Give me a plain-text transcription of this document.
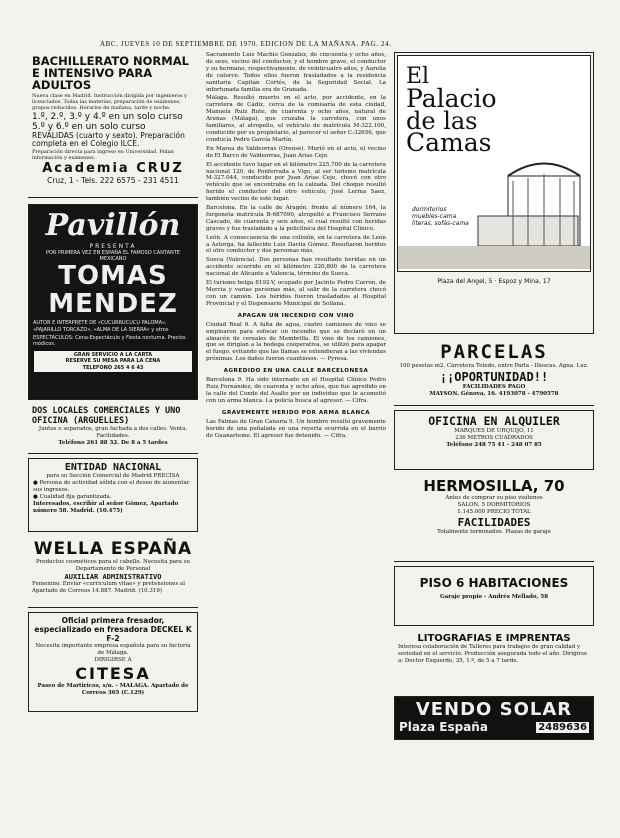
ABC. JUEVES 10 DE SEPTIEMBRE DE 1970. EDICION DE LA MAÑANA. PAG. 24.
BACHILLERATO NORMAL E INTENSIVO PARA ADULTOS
Nueva clase en Madrid. Instrucción dirigida por ingenieros y licenciados. Todas las materias, preparación de exámenes, grupos reducidos. Horarios de mañana, tarde y noche.
1.º, 2.º, 3.º y 4.º en un solo curso
5.º y 6.º en un solo curso
REVALIDAS (cuarto y sexto). Preparación completa en el Colegio ILCE.
Preparación directa para ingreso en Universidad. Pidan información y exámenes.
Academia CRUZ
Cruz, 1 - Tels. 222 6575 - 231 4511
Pavillón
PRESENTA
POR PRIMERA VEZ EN ESPAÑA EL FAMOSO CANTANTE MEXICANO
TOMAS
MENDEZ
AUTOR E INTERPRETE DE «CUCURRUCUCU PALOMA», «PAJARILLO TORCAZO», «ALMA DE LA SIERRA» y otros
ESPECTACULOS: Cena-Espectáculo y Fiesta nocturna. Precios módicos.
GRAN SERVICIO A LA CARTA
RESERVE SU MESA PARA LA CENA
TELEFONO 265 4 6 43
DOS LOCALES COMERCIALES Y UNO OFICINA (ARGUELLES)
Juntos o separados, gran fachada a dos calles. Venta. Facilidades.
Teléfono 261 88 32. De 8 a 5 tardes
ENTIDAD NACIONAL
para su Sección Comercial de Madrid PRECISA
● Persona de actividad sólida con el deseo de aumentar sus ingresos.
● Cualidad fija garantizada.
Interesados, escribir al señor Gómez, Apartado número 58. Madrid. (10.475)
WELLA ESPAÑA
Productos cosméticos para el cabello. Necesita para su Departamento de Personal
AUXILIAR ADMINISTRATIVO
Femenino. Enviar «curriculum vitae» y pretensiones al Apartado de Correos 14.887. Madrid. (10.319)
Oficial primera fresador, especializado en fresadora DECKEL K F-2
Necesita importante empresa española para su factoría de Málaga.
DIRIGIRSE A
CITESA
Paseo de Martiricos, s/n. - MALAGA. Apartado de Correos 365 (C.129)

Sacramento Luis Machio González, de cincuenta y ocho años, de sexo, vecino del conductor, y el hombre grave, el conductor y su hermano, respectivamente, de veinticuatro años, y Aurelia de catorce. Todos ellos fueron trasladados a la residencia sanitaria Capitán Cortés, de la Seguridad Social. La infortunada familia era de Granada.

Málaga. Resultó muerto en el acto, por accidente, en la carretera de Cádiz, cerca de la comisaría de esta ciudad, Manuela Ruiz Rute, de cuarenta y ocho años, natural de Arenas (Málaga), que cruzaba la carretera, con unos familiares, al atropello, el vehículo de matrícula M-322.100, conducido por su propietario, al parecer el señor C-32656, que conducía Pedro García Martín.

En Marea de Valdeorras (Orense). Murió en el acto, el vecino de El Barco de Valdeorras, Juan Arias Cejo.

El accidente tuvo lugar en el kilómetro 225,700 de la carretera nacional 120, de Ponferrada a Vigo, al ser turismo matrícula M-327.044, conducido por Juan Arias Cejo, chocó con otro vehículo que se encontraba en la calzada. Del choque resultó herido el conductor del otro vehículo, José Lerma Saez, también vecino de este lugar.

Barcelona. En la calle de Aragón, frente al número 164, la furgoneta matrícula B-687090, atropelló a Francisco Serrano Cascado, de cuarenta y seis años, el cual resultó con heridas graves y fue trasladado a la policlínica del Hospital Clínico.

León. A consecuencia de una colisión, en la carretera de León a Astorga, ha fallecido Luis Davila Gómez. Resultaron heridos el otro conductor y dos personas más.

Sueca (Valencia). Dos personas han resultado heridas en un accidente ocurrido en el kilómetro 220,800 de la carretera nacional de Alicante a Valencia, término de Sueca.

El turismo belga 8192-V, ocupado por Jacinto Pedro Carrón, de Mercia y varias personas más, al salir de la carretera chocó con un camión. Los heridos fueron trasladados al Hospital Provincial y el Dispensario Municipal de Sollana.

APAGAN UN INCENDIO CON VINO

Ciudad Real 9. A falta de agua, cuatro camiones de vino se emplearon para sofocar un incendio que se declaró en un almacén de cereales de Membrilla. El vino de los camiones, que se dirigían a la bodega cooperativa, se utilizó para apagar el fuego, evitando que las llamas se extendieran a las viviendas próximas. Los daños fueron cuantiosos. — Pyresa.

AGREDIDO EN UNA CALLE BARCELONESA

Barcelona 9. Ha sido internado en el Hospital Clínico Pedro Ruiz Fernández, de cuarenta y ocho años, que fue agredido en la calle del Conde del Asalto por un individuo que le acometió con un arma blanca. La policía busca al agresor. — Cifra.

GRAVEMENTE HERIDO POR ARMA BLANCA

Las Palmas de Gran Canaria 9. Un hombre resultó gravemente herido de una puñalada en una reyerta ocurrida en el barrio de Guanarteme. El agresor fue detenido. — Cifra.

El
Palacio
de las
Camas
dormitorios
muebles-cama
literas, sofás-cama
Plaza del Angel, 5 · Espoz y Mina, 17
PARCELAS
100 pesetas m2. Carretera Toledo, entre Parla - Illescas. Agua. Luz.
¡¡OPORTUNIDAD!!
FACILIDADES PAGO
MAYSON. Génova, 16. 4193078 - 4790578
OFICINA EN ALQUILER
MARQUES DE URQUIJO, 11
236 METROS CUADRADOS
Teléfono 248 75 41 - 248 07 85
HERMOSILLA, 70
Antes de comprar su piso visítenos
SALON, 5 DORMITORIOS
1.145.000 PRECIO TOTAL
FACILIDADES
Totalmente terminados. Plazas de garaje
PISO 6 HABITACIONES
Garaje propio - Andrés Mellado, 58
LITOGRAFIAS E IMPRENTAS
Interesa colaboración de Talleres para trabajos de gran calidad y seriedad en el servicio. Producción asegurada todo el año. Dirigirse a: Doctor Esquerdo, 35, 1.º, de 5 a 7 tarde.
VENDO SOLAR
Plaza España	2489636
